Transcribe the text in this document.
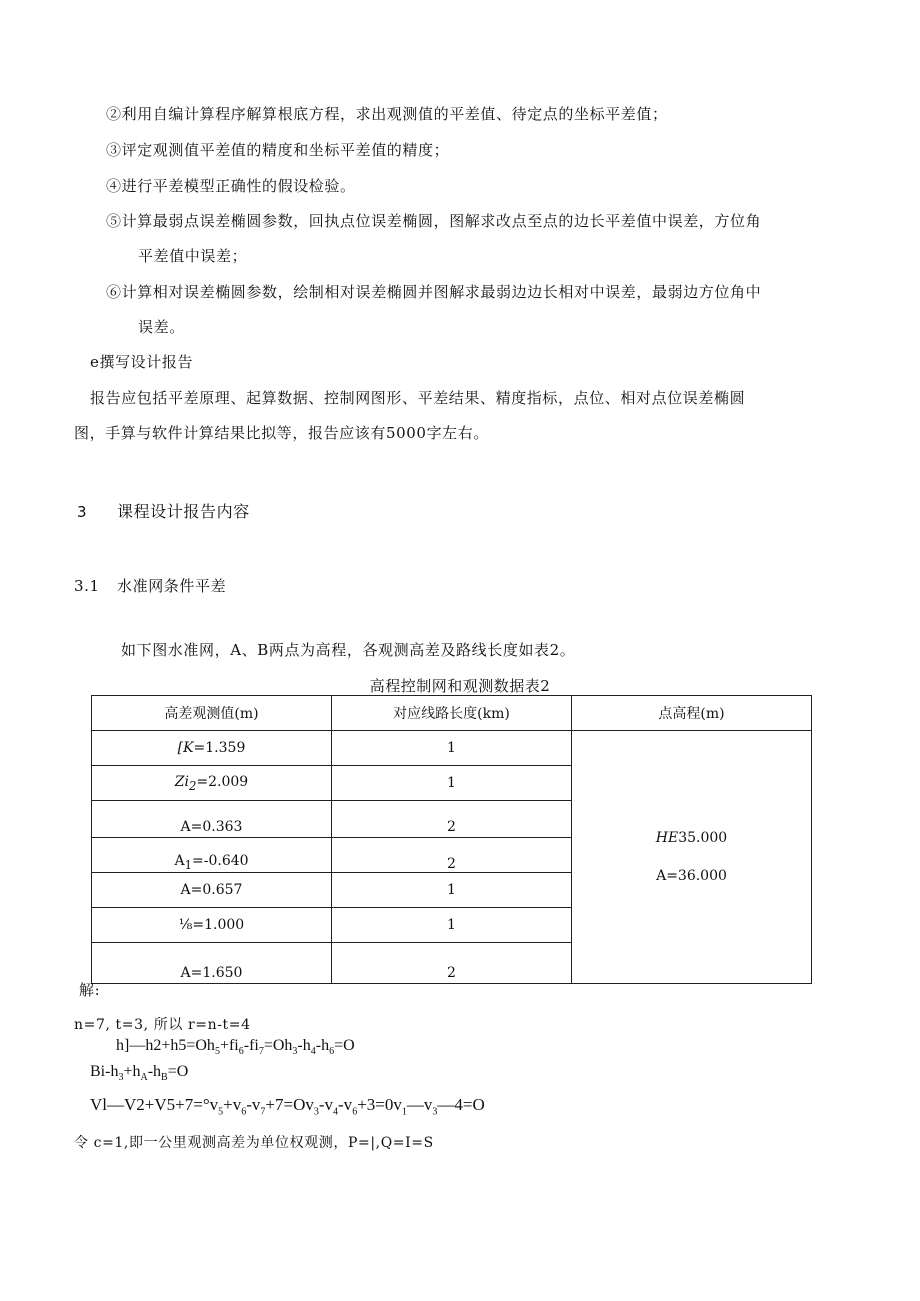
②利用自编计算程序解算根底方程，求出观测值的平差值、待定点的坐标平差值；
③评定观测值平差值的精度和坐标平差值的精度；
④进行平差模型正确性的假设检验。
⑤计算最弱点误差椭圆参数，回执点位误差椭圆，图解求改点至点的边长平差值中误差，方位角
平差值中误差；
⑥计算相对误差椭圆参数，绘制相对误差椭圆并图解求最弱边边长相对中误差，最弱边方位角中
误差。
e撰写设计报告
报告应包括平差原理、起算数据、控制网图形、平差结果、精度指标，点位、相对点位误差椭圆
图，手算与软件计算结果比拟等，报告应该有5000字左右。
3 课程设计报告内容
3.1 水准网条件平差
如下图水准网，A、B两点为高程，各观测高差及路线长度如表2。
高程控制网和观测数据表2
高差观测值(m)	对应线路长度(km)	点高程(m)
[K=1.359	1	HE35.000
A=36.000

$Zi_2=2.009$	1	
A=0.363	2	
$A_1=-0.640$	2	
A=0.657	1	
⅛=1.000	1	
A=1.650	2	
解:
n=7, t=3, 所以 r=n-t=4
$h]—h2+h5=Oh_5+fi_6-fi_7=Oh_3-h_4-h_6=O$
$Bi-h_3+h_A-h_B=O$
$Vl—V2+V5+7=^\circ v_5+v_6-v_7+7=Ov_3-v_4-v_6+3=0v_1—v_3—4=O$
令 c=1,即一公里观测高差为单位权观测，P=|,Q=I=S
